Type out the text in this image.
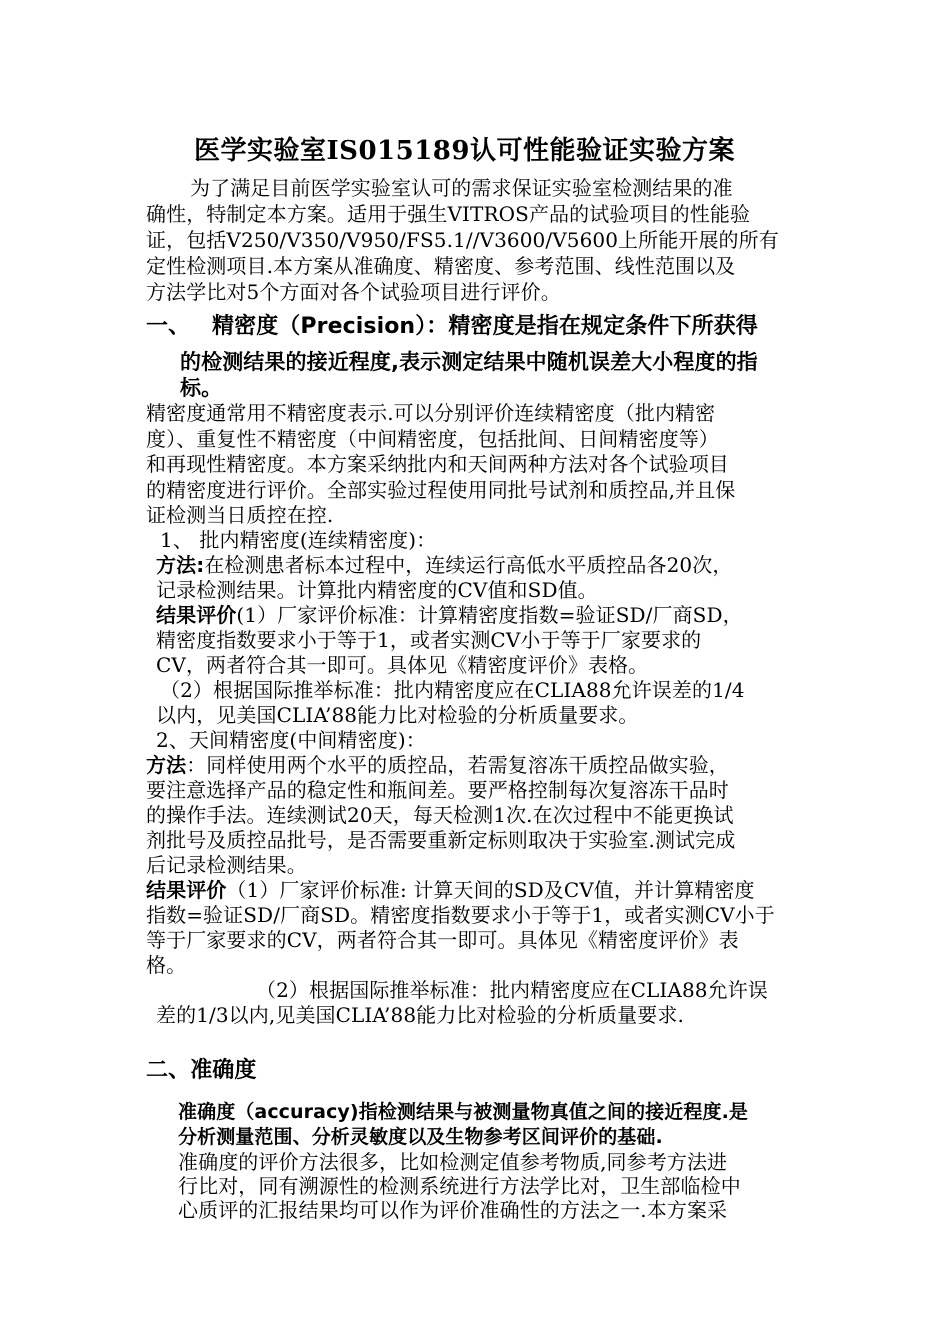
医学实验室IS015189认可性能验证实验方案
为了满足目前医学实验室认可的需求保证实验室检测结果的准
确性，特制定本方案。适用于强生VITROS产品的试验项目的性能验
证，包括V250/V350/V950/FS5.1//V3600/V5600上所能开展的所有
定性检测项目.本方案从准确度、精密度、参考范围、线性范围以及
方法学比对5个方面对各个试验项目进行评价。
一、 精密度（Precision）：精密度是指在规定条件下所获得
的检测结果的接近程度,表示测定结果中随机误差大小程度的指
标。
精密度通常用不精密度表示.可以分别评价连续精密度（批内精密
度）、重复性不精密度（中间精密度，包括批间、日间精密度等）
和再现性精密度。本方案采纳批内和天间两种方法对各个试验项目
的精密度进行评价。全部实验过程使用同批号试剂和质控品,并且保
证检测当日质控在控.
1、 批内精密度(连续精密度)：
方法:在检测患者标本过程中，连续运行高低水平质控品各20次，
记录检测结果。计算批内精密度的CV值和SD值。
结果评价(1）厂家评价标准：计算精密度指数=验证SD/厂商SD，
精密度指数要求小于等于1，或者实测CV小于等于厂家要求的
CV，两者符合其一即可。具体见《精密度评价》表格。
（2）根据国际推举标准：批内精密度应在CLIA88允许误差的1/4
以内，见美国CLIA’88能力比对检验的分析质量要求。
2、天间精密度(中间精密度)：
方法：同样使用两个水平的质控品，若需复溶冻干质控品做实验，
要注意选择产品的稳定性和瓶间差。要严格控制每次复溶冻干品时
的操作手法。连续测试20天，每天检测1次.在次过程中不能更换试
剂批号及质控品批号，是否需要重新定标则取决于实验室.测试完成
后记录检测结果。
结果评价（1）厂家评价标准: 计算天间的SD及CV值，并计算精密度
指数=验证SD/厂商SD。精密度指数要求小于等于1，或者实测CV小于
等于厂家要求的CV，两者符合其一即可。具体见《精密度评价》表
格。
（2）根据国际推举标准：批内精密度应在CLIA88允许误
差的1/3以内,见美国CLIA’88能力比对检验的分析质量要求.
二、准确度
准确度（accuracy)指检测结果与被测量物真值之间的接近程度.是
分析测量范围、分析灵敏度以及生物参考区间评价的基础.
准确度的评价方法很多，比如检测定值参考物质,同参考方法进
行比对，同有溯源性的检测系统进行方法学比对，卫生部临检中
心质评的汇报结果均可以作为评价准确性的方法之一.本方案采
